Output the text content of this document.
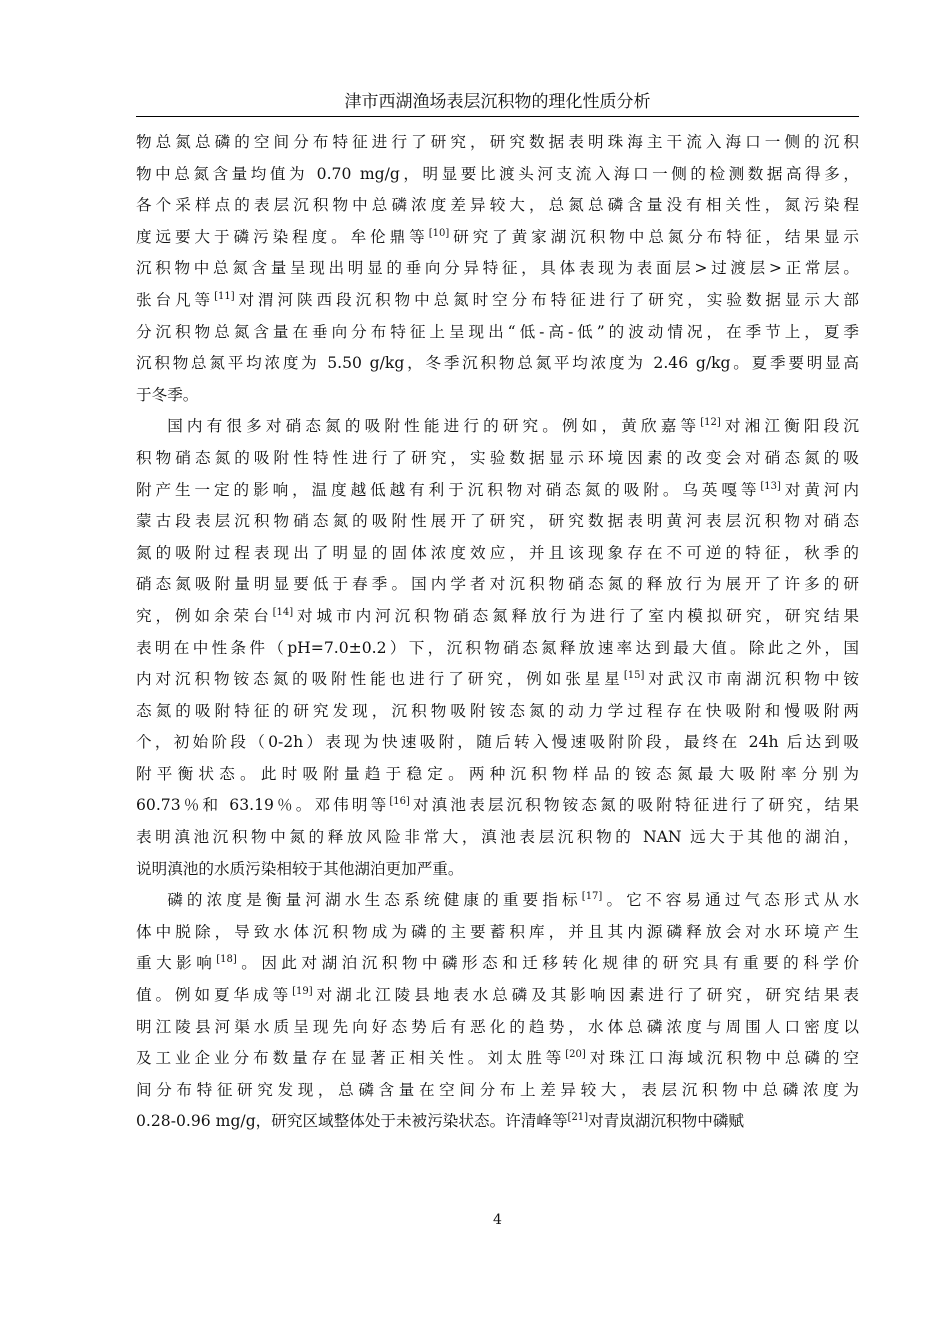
津市西湖渔场表层沉积物的理化性质分析
物总氮总磷的空间分布特征进行了研究，研究数据表明珠海主干流入海口一侧的沉积
物中总氮含量均值为 0.70 mg/g，明显要比渡头河支流入海口一侧的检测数据高得多，
各个采样点的表层沉积物中总磷浓度差异较大，总氮总磷含量没有相关性，氮污染程
度远要大于磷污染程度。牟伦鼎等[10]研究了黄家湖沉积物中总氮分布特征，结果显示
沉积物中总氮含量呈现出明显的垂向分异特征，具体表现为表面层>过渡层>正常层。
张台凡等[11]对渭河陕西段沉积物中总氮时空分布特征进行了研究，实验数据显示大部
分沉积物总氮含量在垂向分布特征上呈现出“低-高-低”的波动情况，在季节上，夏季
沉积物总氮平均浓度为 5.50 g/kg，冬季沉积物总氮平均浓度为 2.46 g/kg。夏季要明显高
于冬季。
国内有很多对硝态氮的吸附性能进行的研究。例如，黄欣嘉等[12]对湘江衡阳段沉
积物硝态氮的吸附性特性进行了研究，实验数据显示环境因素的改变会对硝态氮的吸
附产生一定的影响，温度越低越有利于沉积物对硝态氮的吸附。乌英嘎等[13]对黄河内
蒙古段表层沉积物硝态氮的吸附性展开了研究，研究数据表明黄河表层沉积物对硝态
氮的吸附过程表现出了明显的固体浓度效应，并且该现象存在不可逆的特征，秋季的
硝态氮吸附量明显要低于春季。国内学者对沉积物硝态氮的释放行为展开了许多的研
究，例如余荣台[14]对城市内河沉积物硝态氮释放行为进行了室内模拟研究，研究结果
表明在中性条件（pH=7.0±0.2）下，沉积物硝态氮释放速率达到最大值。除此之外，国
内对沉积物铵态氮的吸附性能也进行了研究，例如张星星[15]对武汉市南湖沉积物中铵
态氮的吸附特征的研究发现，沉积物吸附铵态氮的动力学过程存在快吸附和慢吸附两
个，初始阶段（0-2h）表现为快速吸附，随后转入慢速吸附阶段，最终在 24h 后达到吸
附平衡状态。此时吸附量趋于稳定。两种沉积物样品的铵态氮最大吸附率分别为
60.73％和 63.19％。邓伟明等[16]对滇池表层沉积物铵态氮的吸附特征进行了研究，结果
表明滇池沉积物中氮的释放风险非常大，滇池表层沉积物的 NAN 远大于其他的湖泊，
说明滇池的水质污染相较于其他湖泊更加严重。
磷的浓度是衡量河湖水生态系统健康的重要指标[17]。它不容易通过气态形式从水
体中脱除，导致水体沉积物成为磷的主要蓄积库，并且其内源磷释放会对水环境产生
重大影响[18]。因此对湖泊沉积物中磷形态和迁移转化规律的研究具有重要的科学价
值。例如夏华成等[19]对湖北江陵县地表水总磷及其影响因素进行了研究，研究结果表
明江陵县河渠水质呈现先向好态势后有恶化的趋势，水体总磷浓度与周围人口密度以
及工业企业分布数量存在显著正相关性。刘太胜等[20]对珠江口海域沉积物中总磷的空
间分布特征研究发现，总磷含量在空间分布上差异较大，表层沉积物中总磷浓度为
0.28-0.96 mg/g，研究区域整体处于未被污染状态。许清峰等[21]对青岚湖沉积物中磷赋
4
